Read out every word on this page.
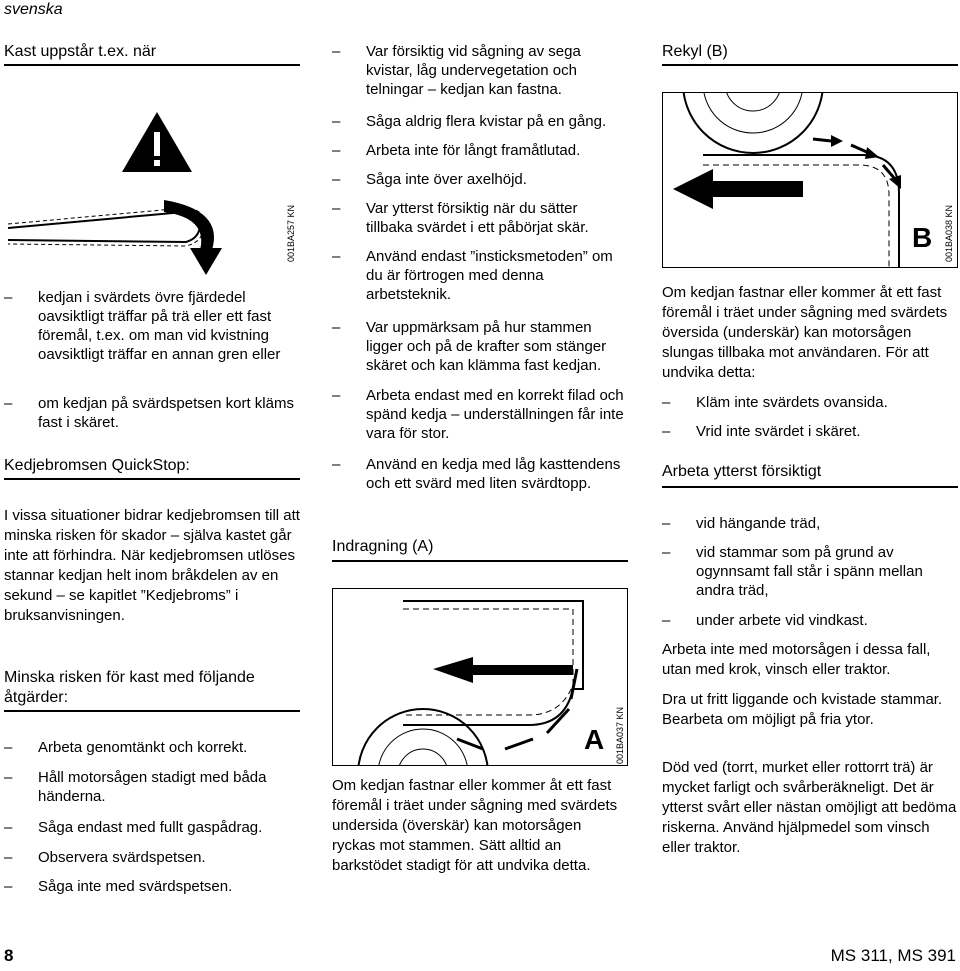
svenska
Kast uppstår t.ex. när
001BA257 KN
–
kedjan i svärdets övre fjärdedel oavsiktligt träffar på trä eller ett fast föremål, t.ex. om man vid kvistning oavsiktligt träffar en annan gren eller
–
om kedjan på svärdspetsen kort kläms fast i skäret.
Kedjebromsen QuickStop:
I vissa situationer bidrar kedjebromsen till att minska risken för skador – själva kastet går inte att förhindra. När kedjebromsen utlöses stannar kedjan helt inom bråkdelen av en sekund – se kapitlet ”Kedjebroms” i bruksanvisningen.
Minska risken för kast med följande åtgärder:
–
Arbeta genomtänkt och korrekt.
–
Håll motorsågen stadigt med båda händerna.
–
Såga endast med fullt gaspådrag.
–
Observera svärdspetsen.
–
Såga inte med svärdspetsen.
–
Var försiktig vid sågning av sega kvistar, låg undervegetation och telningar – kedjan kan fastna.
–
Såga aldrig flera kvistar på en gång.
–
Arbeta inte för långt framåtlutad.
–
Såga inte över axelhöjd.
–
Var ytterst försiktig när du sätter tillbaka svärdet i ett påbörjat skär.
–
Använd endast ”insticksmetoden” om du är förtrogen med denna arbetsteknik.
–
Var uppmärksam på hur stammen ligger och på de krafter som stänger skäret och kan klämma fast kedjan.
–
Arbeta endast med en korrekt filad och spänd kedja – underställningen får inte vara för stor.
–
Använd en kedja med låg kasttendens och ett svärd med liten svärdtopp.
Indragning (A)
A 001BA037 KN
Om kedjan fastnar eller kommer åt ett fast föremål i träet under sågning med svärdets undersida (överskär) kan motorsågen ryckas mot stammen. Sätt alltid an barkstödet stadigt för att undvika detta.
Rekyl (B)
B 001BA038 KN
Om kedjan fastnar eller kommer åt ett fast föremål i träet under sågning med svärdets översida (underskär) kan motorsågen slungas tillbaka mot användaren. För att undvika detta:
–
Kläm inte svärdets ovansida.
–
Vrid inte svärdet i skäret.
Arbeta ytterst försiktigt
–
vid hängande träd,
–
vid stammar som på grund av ogynnsamt fall står i spänn mellan andra träd,
–
under arbete vid vindkast.
Arbeta inte med motorsågen i dessa fall, utan med krok, vinsch eller traktor.
Dra ut fritt liggande och kvistade stammar. Bearbeta om möjligt på fria ytor.
Död ved (torrt, murket eller rottorrt trä) är mycket farligt och svårberäkneligt. Det är ytterst svårt eller nästan omöjligt att bedöma riskerna. Använd hjälpmedel som vinsch eller traktor.
8	MS 311, MS 391
